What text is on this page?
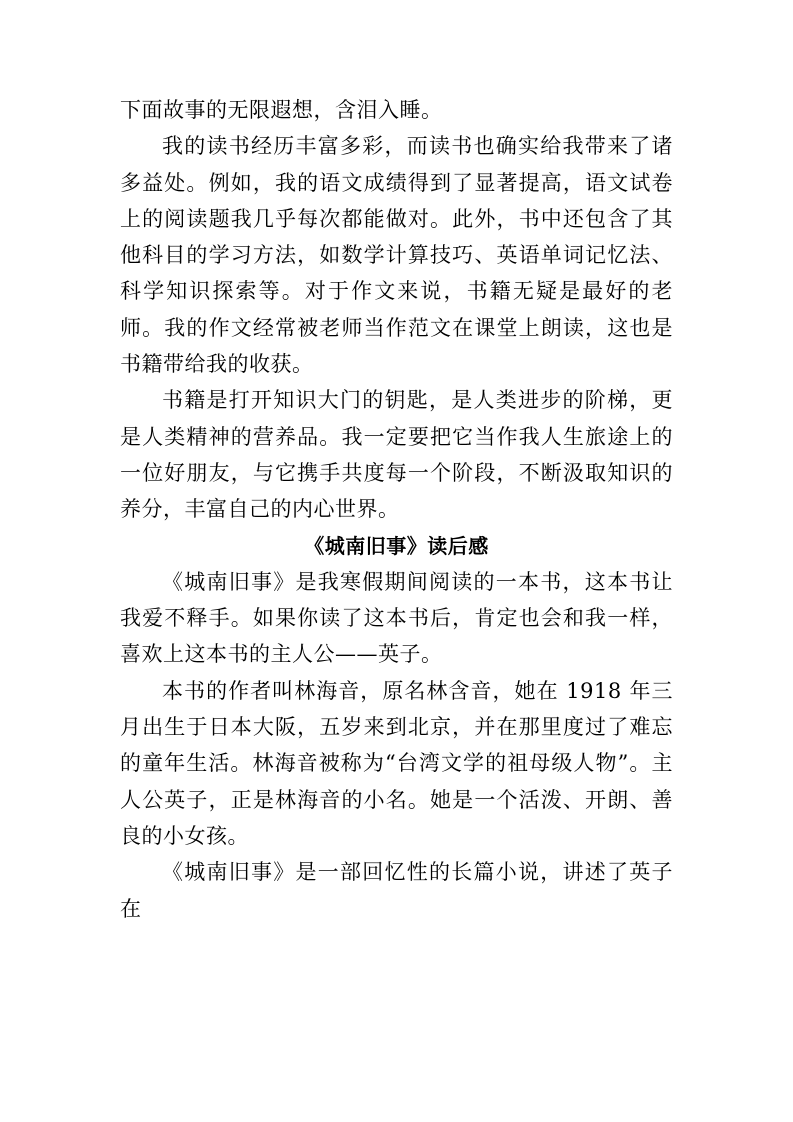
下面故事的无限遐想，含泪入睡。

我的读书经历丰富多彩，而读书也确实给我带来了诸多益处。例如，我的语文成绩得到了显著提高，语文试卷上的阅读题我几乎每次都能做对。此外，书中还包含了其他科目的学习方法，如数学计算技巧、英语单词记忆法、科学知识探索等。对于作文来说，书籍无疑是最好的老师。我的作文经常被老师当作范文在课堂上朗读，这也是书籍带给我的收获。

书籍是打开知识大门的钥匙，是人类进步的阶梯，更是人类精神的营养品。我一定要把它当作我人生旅途上的一位好朋友，与它携手共度每一个阶段，不断汲取知识的养分，丰富自己的内心世界。

《城南旧事》读后感

《城南旧事》是我寒假期间阅读的一本书，这本书让我爱不释手。如果你读了这本书后，肯定也会和我一样，喜欢上这本书的主人公——英子。

本书的作者叫林海音，原名林含音，她在 1918 年三月出生于日本大阪，五岁来到北京，并在那里度过了难忘的童年生活。林海音被称为“台湾文学的祖母级人物”。主人公英子，正是林海音的小名。她是一个活泼、开朗、善良的小女孩。

《城南旧事》是一部回忆性的长篇小说，讲述了英子在
